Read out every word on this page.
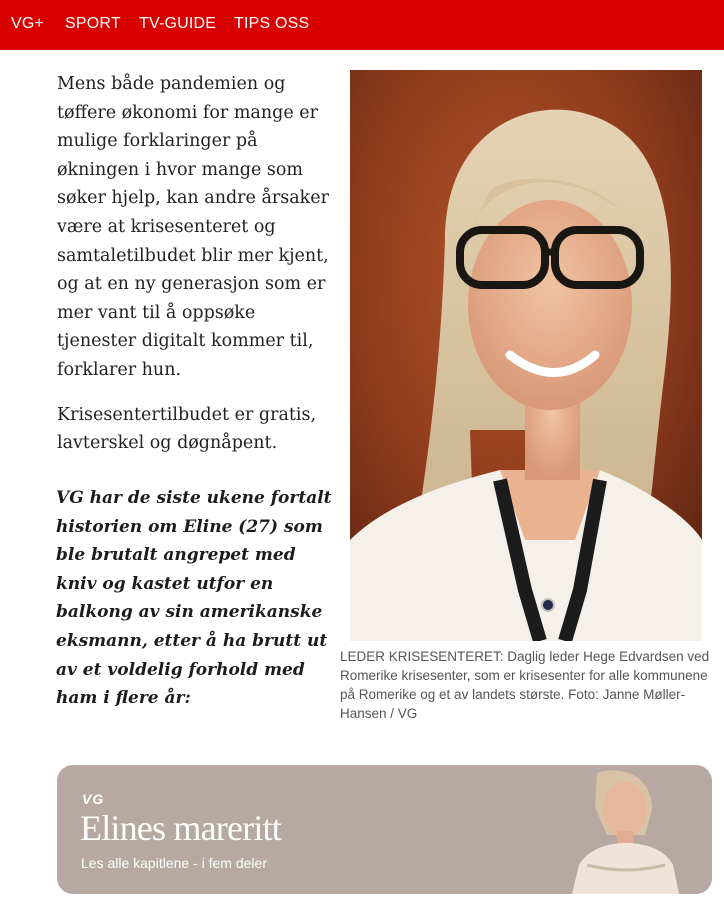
VG+ SPORT TV-GUIDE TIPS OSS

Mens både pandemien og tøffere økonomi for mange er mulige forklaringer på økningen i hvor mange som søker hjelp, kan andre årsaker være at krisesenteret og samtaletilbudet blir mer kjent, og at en ny generasjon som er mer vant til å oppsøke tjenester digitalt kommer til, forklarer hun.

Krisesentertilbudet er gratis, lavterskel og døgnåpent.

VG har de siste ukene fortalt historien om Eline (27) som ble brutalt angrepet med kniv og kastet utfor en balkong av sin amerikanske eksmann, etter å ha brutt ut av et voldelig forhold med ham i flere år:
LEDER KRISESENTERET: Daglig leder Hege Edvardsen ved Romerike krisesenter, som er krisesenter for alle kommunene på Romerike og et av landets største. Foto: Janne Møller-Hansen / VG
VG
Elines mareritt
Les alle kapitlene - i fem deler
